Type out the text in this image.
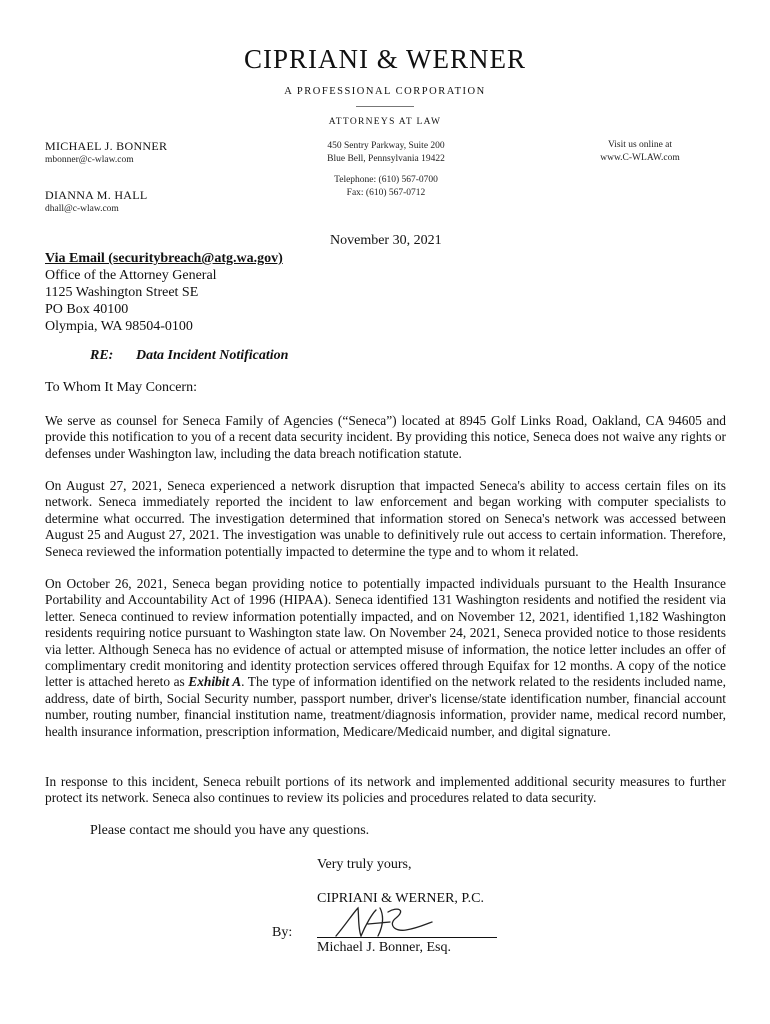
CIPRIANI & WERNER
A PROFESSIONAL CORPORATION
ATTORNEYS AT LAW
MICHAEL J. BONNER
mbonner@c-wlaw.com
DIANNA M. HALL
dhall@c-wlaw.com
450 Sentry Parkway, Suite 200
Blue Bell, Pennsylvania 19422
Telephone: (610) 567-0700
Fax: (610) 567-0712
Visit us online at
www.C-WLAW.com
November 30, 2021
Via Email (securitybreach@atg.wa.gov)
Office of the Attorney General
1125 Washington Street SE
PO Box 40100
Olympia, WA 98504-0100
RE: Data Incident Notification
To Whom It May Concern:
We serve as counsel for Seneca Family of Agencies (“Seneca”) located at 8945 Golf Links Road, Oakland, CA 94605 and provide this notification to you of a recent data security incident. By providing this notice, Seneca does not waive any rights or defenses under Washington law, including the data breach notification statute.
On August 27, 2021, Seneca experienced a network disruption that impacted Seneca's ability to access certain files on its network. Seneca immediately reported the incident to law enforcement and began working with computer specialists to determine what occurred. The investigation determined that information stored on Seneca's network was accessed between August 25 and August 27, 2021. The investigation was unable to definitively rule out access to certain information. Therefore, Seneca reviewed the information potentially impacted to determine the type and to whom it related.
On October 26, 2021, Seneca began providing notice to potentially impacted individuals pursuant to the Health Insurance Portability and Accountability Act of 1996 (HIPAA). Seneca identified 131 Washington residents and notified the resident via letter. Seneca continued to review information potentially impacted, and on November 12, 2021, identified 1,182 Washington residents requiring notice pursuant to Washington state law. On November 24, 2021, Seneca provided notice to those residents via letter. Although Seneca has no evidence of actual or attempted misuse of information, the notice letter includes an offer of complimentary credit monitoring and identity protection services offered through Equifax for 12 months. A copy of the notice letter is attached hereto as Exhibit A. The type of information identified on the network related to the residents included name, address, date of birth, Social Security number, passport number, driver's license/state identification number, financial account number, routing number, financial institution name, treatment/diagnosis information, provider name, medical record number, health insurance information, prescription information, Medicare/Medicaid number, and digital signature.
In response to this incident, Seneca rebuilt portions of its network and implemented additional security measures to further protect its network. Seneca also continues to review its policies and procedures related to data security.
Please contact me should you have any questions.
Very truly yours,
CIPRIANI & WERNER, P.C.
By:
Michael J. Bonner, Esq.
